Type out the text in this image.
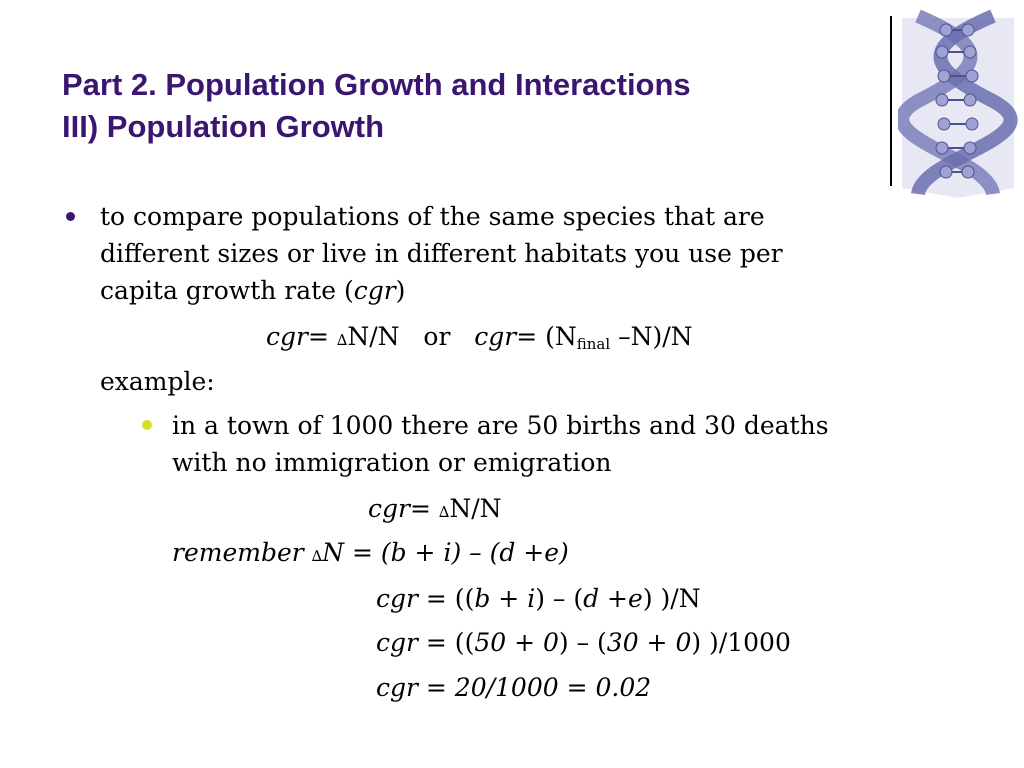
Part 2. Population Growth and Interactions
III) Population Growth
to compare populations of the same species that are
different sizes or live in different habitats you use per
capita growth rate (cgr)
cgr= ∆N/N or $cgr= (N_{final}$ –N)/N
example:
in a town of 1000 there are 50 births and 30 deaths
with no immigration or emigration
cgr= ∆N/N
remember ∆N = (b + i) – (d +e)
cgr = ((b + i) – (d +e) )/N
cgr = ((50 + 0) – (30 + 0) )/1000
cgr = 20/1000 = 0.02
